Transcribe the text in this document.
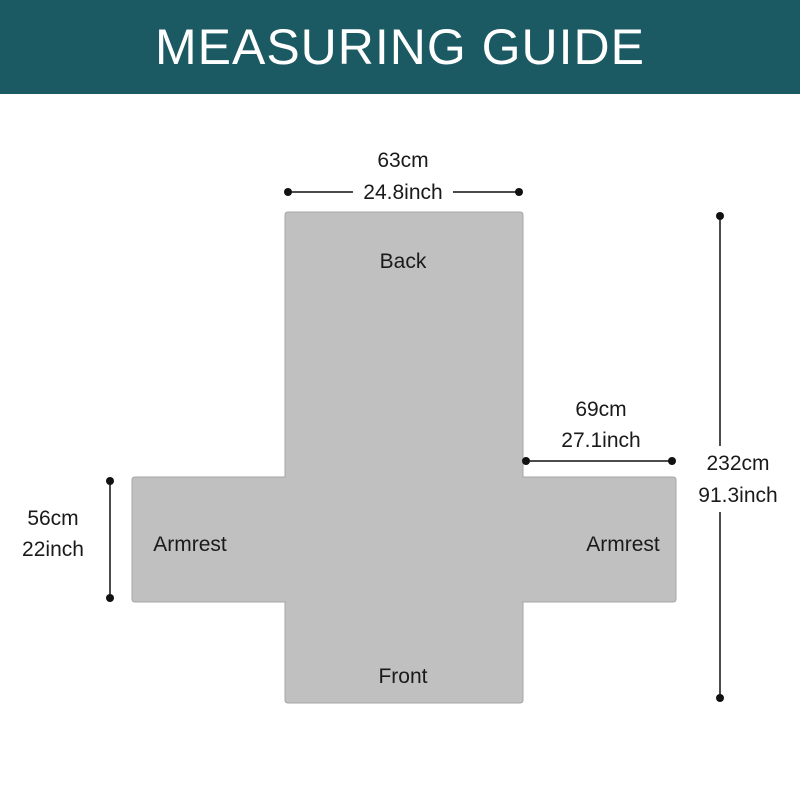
MEASURING GUIDE
Back
Front
Armrest	Armrest
63cm
24.8inch
69cm
27.1inch
232cm
91.3inch
56cm
22inch
